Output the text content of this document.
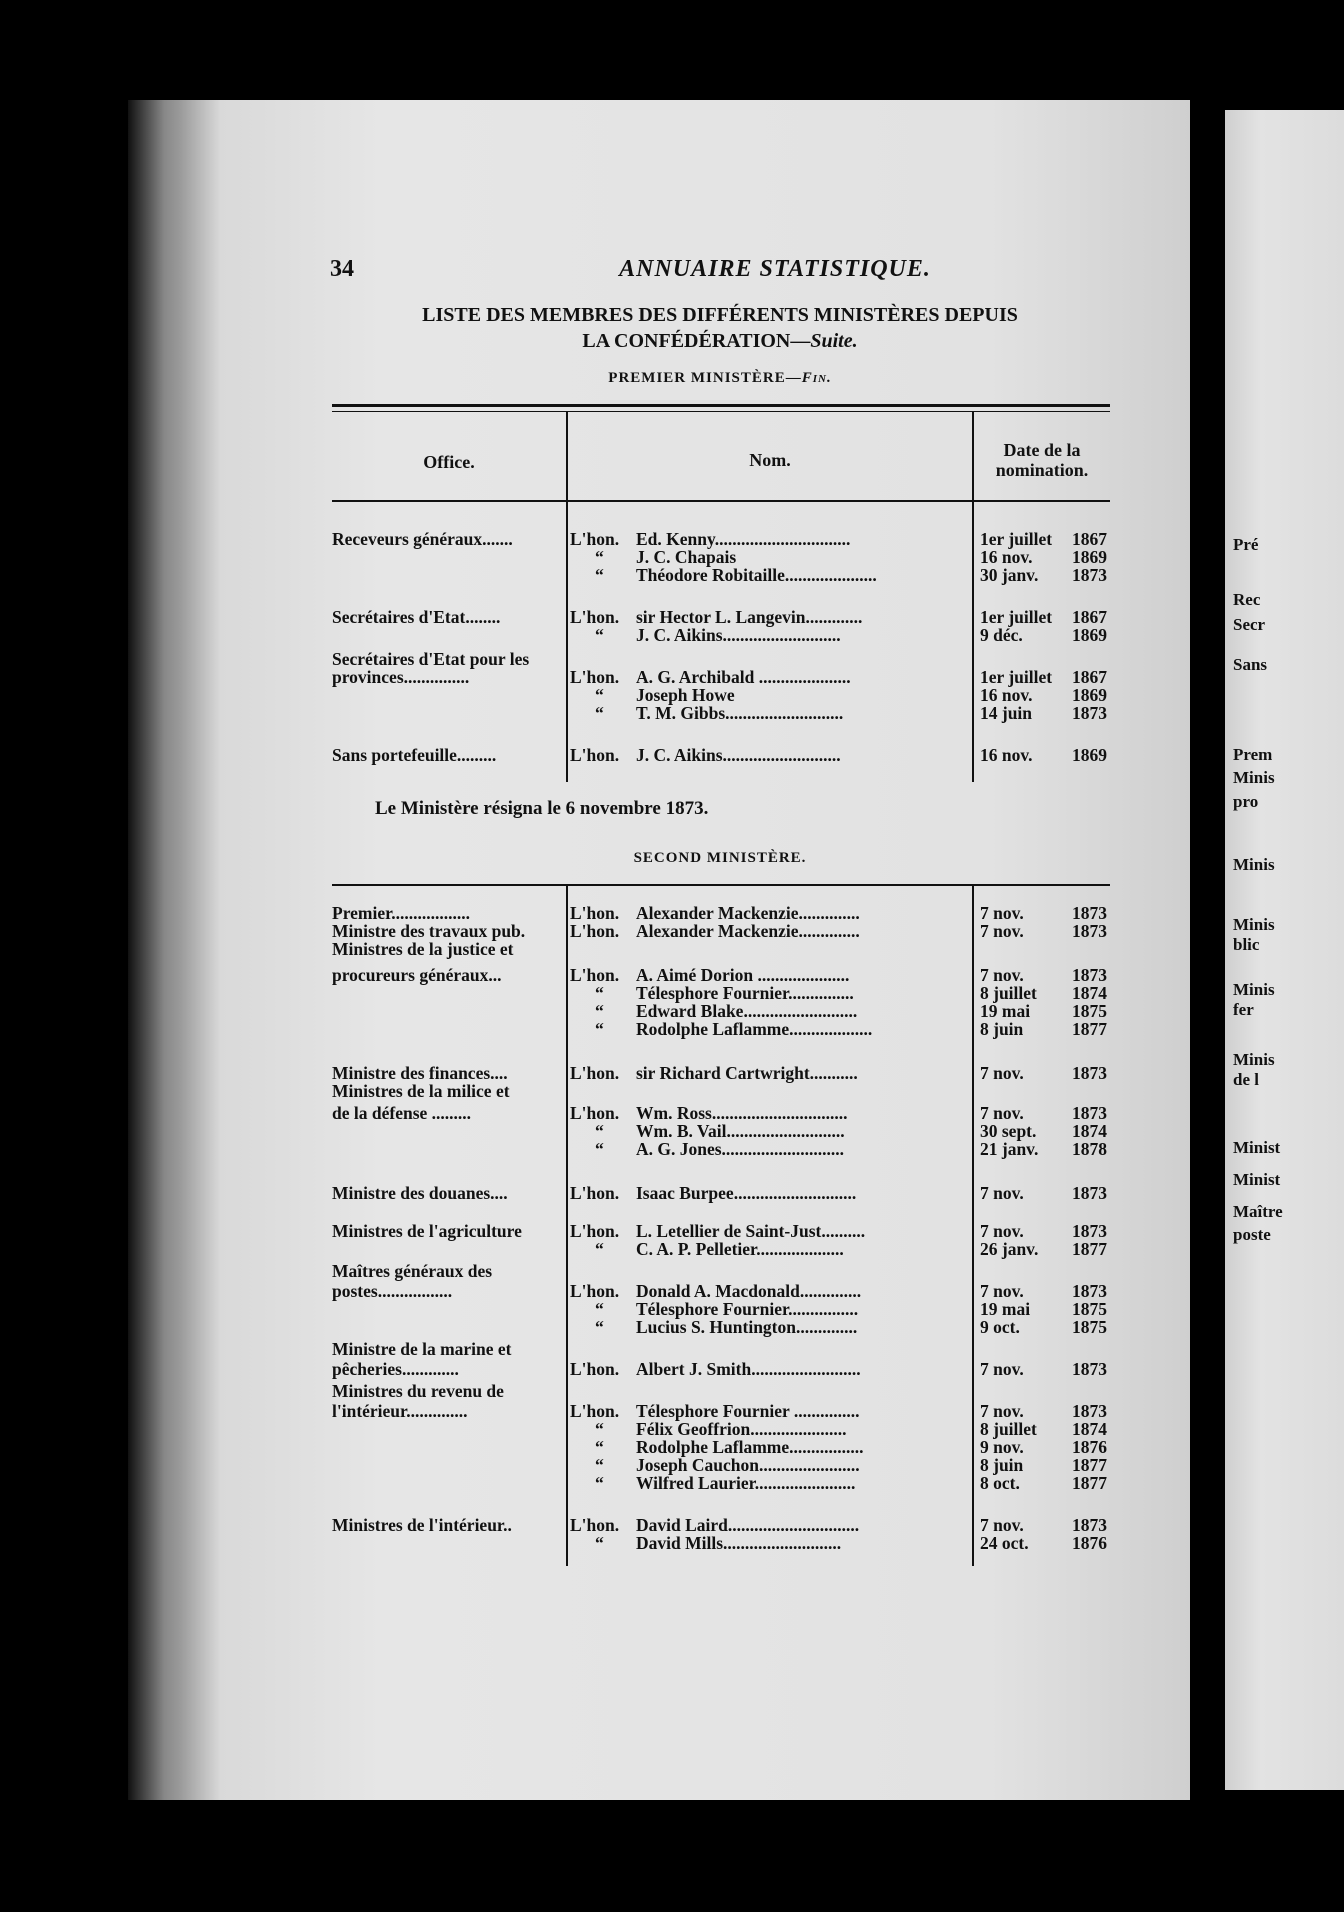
Pré
Rec
Secr
Sans
Prem
Minis
pro
Minis
Minis
blic
Minis
fer
Minis
de l
Minist
Minist
Maître
poste
34	ANNUAIRE STATISTIQUE.
LISTE DES MEMBRES DES DIFFÉRENTS MINISTÈRES DEPUIS
LA CONFÉDÉRATION—Suite.
PREMIER MINISTÈRE—Fin.
Office.	Nom.	Date de la
nomination.
Receveurs généraux.......	L'hon. Ed. Kenny...............................	1er juillet 1867
“ J. C. Chapais	16 nov. 1869
“ Théodore Robitaille.....................	30 janv. 1873
Secrétaires d'Etat........	L'hon. sir Hector L. Langevin.............	1er juillet 1867
“ J. C. Aikins...........................	9 déc.	1869
Secrétaires d'Etat pour les
provinces...............	L'hon. A. G. Archibald .....................	1er juillet 1867
“ Joseph Howe	16 nov. 1869
“ T. M. Gibbs...........................	14 juin 1873
Sans portefeuille.........	L'hon. J. C. Aikins...........................	16 nov. 1869
Le Ministère résigna le 6 novembre 1873.
SECOND MINISTÈRE.
Premier..................	L'hon. Alexander Mackenzie..............	7 nov.	1873
Ministre des travaux pub.	L'hon. Alexander Mackenzie..............	7 nov.	1873
Ministres de la justice et
procureurs généraux...	L'hon. A. Aimé Dorion .....................	7 nov.	1873
“ Télesphore Fournier...............	8 juillet 1874
“ Edward Blake..........................	19 mai 1875
“ Rodolphe Laflamme...................	8 juin	1877
Ministre des finances....	L'hon. sir Richard Cartwright...........	7 nov.	1873
Ministres de la milice et
de la défense .........	L'hon. Wm. Ross...............................	7 nov.	1873
“ Wm. B. Vail...........................	30 sept. 1874
“ A. G. Jones............................	21 janv. 1878
Ministre des douanes....	L'hon. Isaac Burpee............................	7 nov.	1873
Ministres de l'agriculture	L'hon. L. Letellier de Saint-Just..........	7 nov.	1873
“ C. A. P. Pelletier....................	26 janv. 1877
Maîtres généraux des
postes.................	L'hon. Donald A. Macdonald..............	7 nov.	1873
“ Télesphore Fournier................	19 mai 1875
“ Lucius S. Huntington..............	9 oct.	1875
Ministre de la marine et
pêcheries.............	L'hon. Albert J. Smith.........................	7 nov.	1873
Ministres du revenu de
l'intérieur..............	L'hon. Télesphore Fournier ...............	7 nov.	1873
“ Félix Geoffrion......................	8 juillet 1874
“ Rodolphe Laflamme.................	9 nov.	1876
“ Joseph Cauchon.......................	8 juin	1877
“ Wilfred Laurier.......................	8 oct.	1877
Ministres de l'intérieur..	L'hon. David Laird..............................	7 nov.	1873
“ David Mills...........................	24 oct. 1876
